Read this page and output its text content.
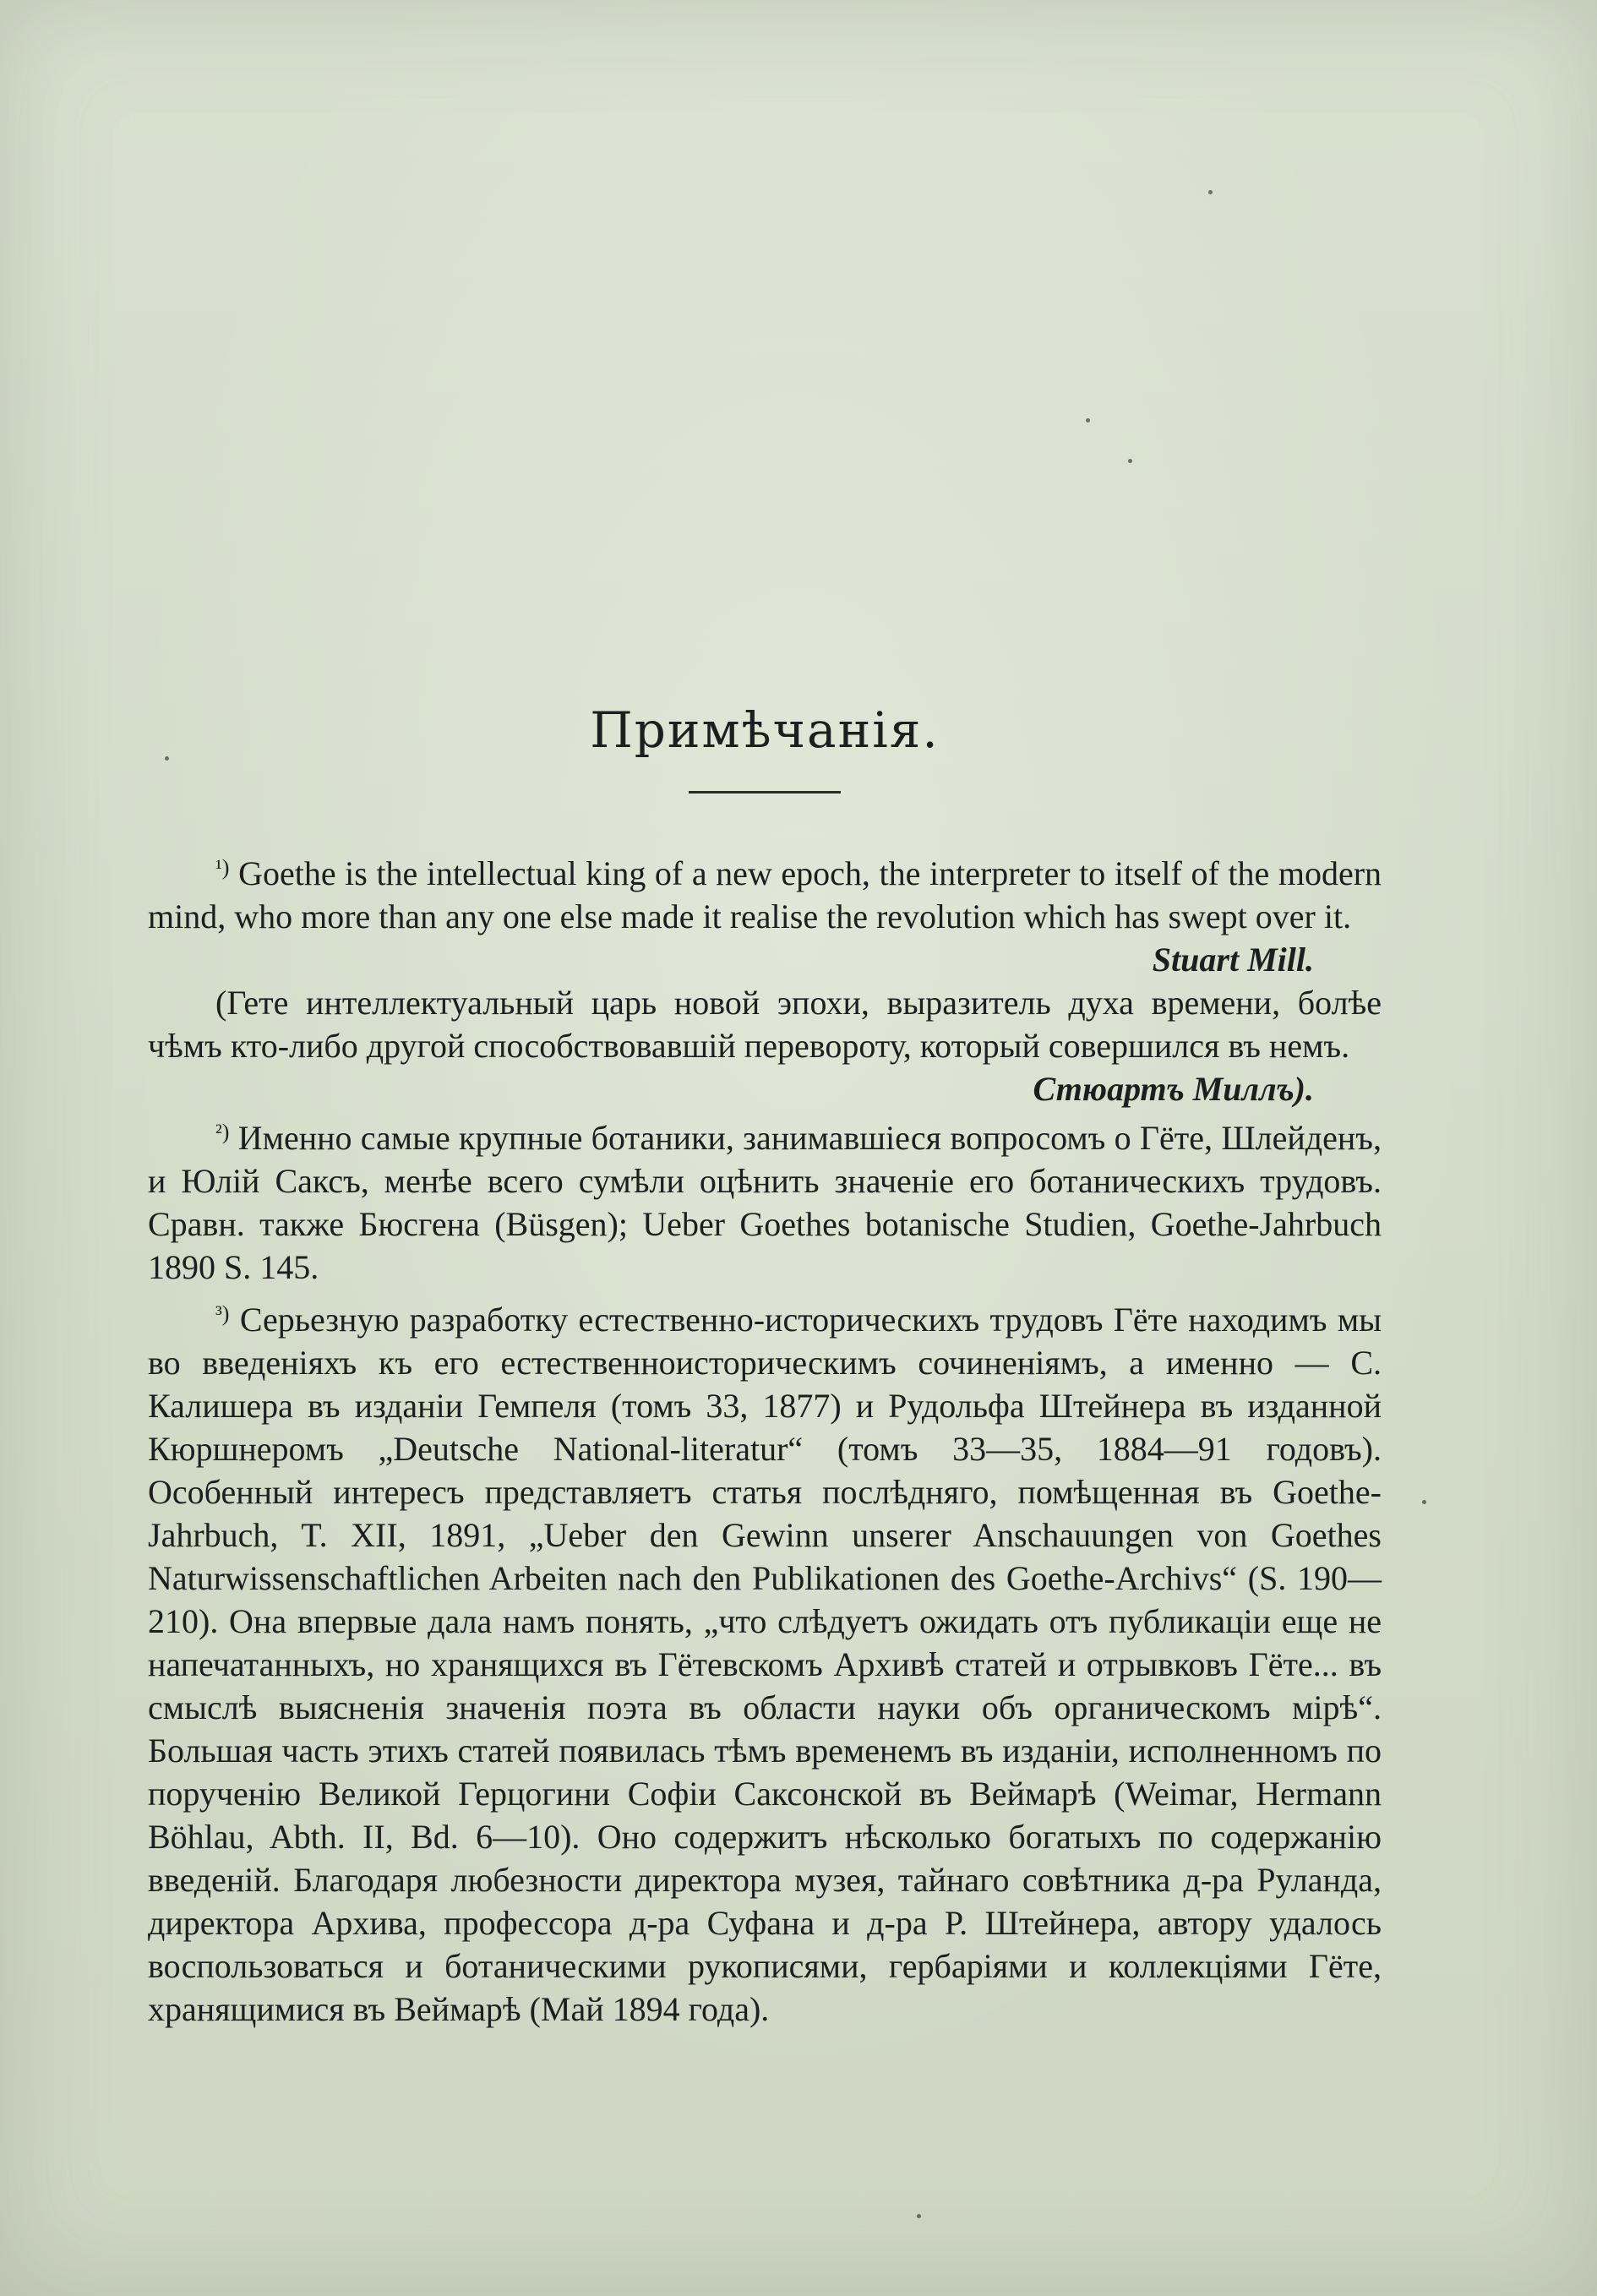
Примѣчанія.

$^{^1)}$ Goethe is the intellectual king of a new epoch, the interpreter to itself of the modern mind, who more than any one else made it realise the revolution which has swept over it.
Stuart Mill.

(Гете интеллектуальный царь новой эпохи, выразитель духа времени, болѣе чѣмъ кто-либо другой способствовавшій перевороту, который совершился въ немъ.
Стюартъ Миллъ).

$^{^2)}$ Именно самые крупные ботаники, занимавшіеся вопросомъ о Гёте, Шлейденъ, и Юлій Саксъ, менѣе всего сумѣли оцѣнить значеніе его ботаническихъ трудовъ. Сравн. также Бюсгена (Büsgen); Ueber Goethes botanische Studien, Goethe-Jahrbuch 1890 S. 145.

$^{^3)}$ Серьезную разработку естественно-историческихъ трудовъ Гёте находимъ мы во введеніяхъ къ его естественноисторическимъ сочиненіямъ, а именно — С. Калишера въ изданіи Гемпеля (томъ 33, 1877) и Рудольфа Штейнера въ изданной Кюршнеромъ „Deutsche National-literatur“ (томъ 33—35, 1884—91 годовъ). Особенный интересъ представляетъ статья послѣдняго, помѣщенная въ Goethe-Jahrbuch, T. XII, 1891, „Ueber den Gewinn unserer Anschauungen von Goethes Naturwissenschaftlichen Arbeiten nach den Publikationen des Goethe-Archivs“ (S. 190—210). Она впервые дала намъ понять, „что слѣдуетъ ожидать отъ публикаціи еще не напечатанныхъ, но хранящихся въ Гётевскомъ Архивѣ статей и отрывковъ Гёте... въ смыслѣ выясненія значенія поэта въ области науки объ органическомъ мірѣ“. Большая часть этихъ статей появилась тѣмъ временемъ въ изданіи, исполненномъ по порученію Великой Герцогини Софіи Саксонской въ Веймарѣ (Weimar, Hermann Böhlau, Abth. II, Bd. 6—10). Оно содержитъ нѣсколько богатыхъ по содержанію введеній. Благодаря любезности директора музея, тайнаго совѣтника д-ра Руланда, директора Архива, профессора д-ра Суфана и д-ра Р. Штейнера, автору удалось воспользоваться и ботаническими рукописями, гербаріями и коллекціями Гёте, хранящимися въ Веймарѣ (Май 1894 года).
